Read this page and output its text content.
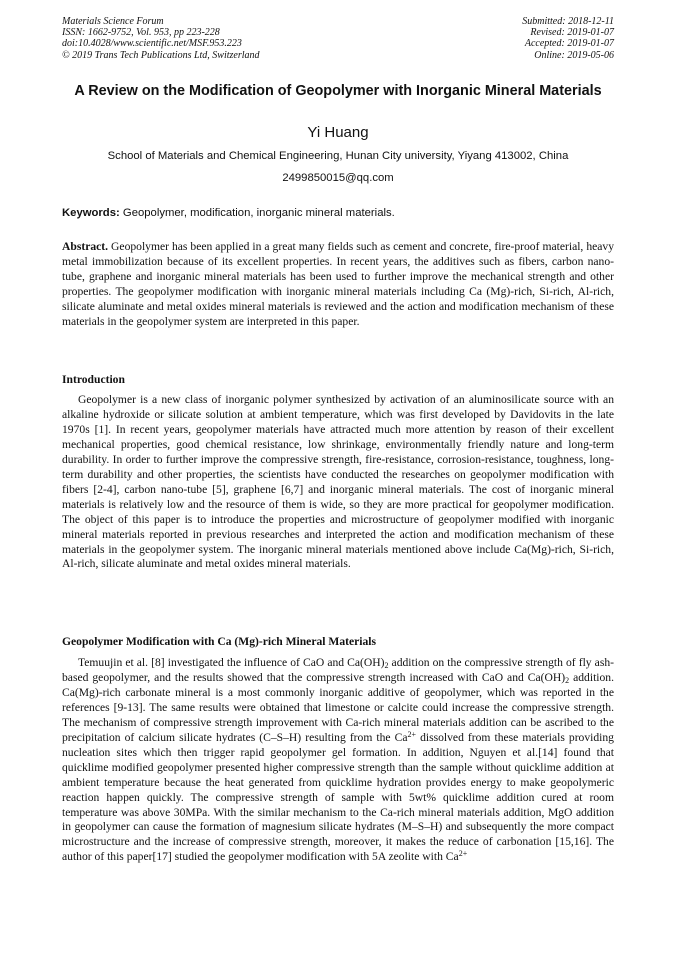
Materials Science Forum
ISSN: 1662-9752, Vol. 953, pp 223-228
doi:10.4028/www.scientific.net/MSF.953.223
© 2019 Trans Tech Publications Ltd, Switzerland
Submitted: 2018-12-11
Revised: 2019-01-07
Accepted: 2019-01-07
Online: 2019-05-06
A Review on the Modification of Geopolymer with Inorganic Mineral Materials
Yi Huang
School of Materials and Chemical Engineering, Hunan City university, Yiyang 413002, China
2499850015@qq.com
Keywords: Geopolymer, modification, inorganic mineral materials.

Abstract. Geopolymer has been applied in a great many fields such as cement and concrete, fire-proof material, heavy metal immobilization because of its excellent properties. In recent years, the additives such as fibers, carbon nano-tube, graphene and inorganic mineral materials has been used to further improve the mechanical strength and other properties. The geopolymer modification with inorganic mineral materials including Ca (Mg)-rich, Si-rich, Al-rich, silicate aluminate and metal oxides mineral materials is reviewed and the action and modification mechanism of these materials in the geopolymer system are interpreted in this paper.

Introduction

Geopolymer is a new class of inorganic polymer synthesized by activation of an aluminosilicate source with an alkaline hydroxide or silicate solution at ambient temperature, which was first developed by Davidovits in the late 1970s [1]. In recent years, geopolymer materials have attracted much more attention by reason of their excellent mechanical properties, good chemical resistance, low shrinkage, environmentally friendly nature and long-term durability. In order to further improve the compressive strength, fire-resistance, corrosion-resistance, toughness, long-term durability and other properties, the scientists have conducted the researches on geopolymer modification with fibers [2-4], carbon nano-tube [5], graphene [6,7] and inorganic mineral materials. The cost of inorganic mineral materials is relatively low and the resource of them is wide, so they are more practical for geopolymer modification. The object of this paper is to introduce the properties and microstructure of geopolymer modified with inorganic mineral materials reported in previous researches and interpreted the action and modification mechanism of these materials in the geopolymer system. The inorganic mineral materials mentioned above include Ca(Mg)-rich, Si-rich, Al-rich, silicate aluminate and metal oxides mineral materials.

Geopolymer Modification with Ca (Mg)-rich Mineral Materials

Temuujin et al. [8] investigated the influence of CaO and $Ca(OH)_2$ addition on the compressive strength of fly ash-based geopolymer, and the results showed that the compressive strength increased with CaO and $Ca(OH)_2$ addition. Ca(Mg)-rich carbonate mineral is a most commonly inorganic additive of geopolymer, which was reported in the references [9-13]. The same results were obtained that limestone or calcite could increase the compressive strength. The mechanism of compressive strength improvement with Ca-rich mineral materials addition can be ascribed to the precipitation of calcium silicate hydrates (C–S–H) resulting from the $Ca^{2+}$ dissolved from these materials providing nucleation sites which then trigger rapid geopolymer gel formation. In addition, Nguyen et al.[14] found that quicklime modified geopolymer presented higher compressive strength than the sample without quicklime addition at ambient temperature because the heat generated from quicklime hydration provides energy to make geopolymeric reaction happen quickly. The compressive strength of sample with 5wt% quicklime addition cured at room temperature was above 30MPa. With the similar mechanism to the Ca-rich mineral materials addition, MgO addition in geopolymer can cause the formation of magnesium silicate hydrates (M–S–H) and subsequently the more compact microstructure and the increase of compressive strength, moreover, it makes the reduce of carbonation [15,16]. The author of this paper[17] studied the geopolymer modification with 5A zeolite with $Ca^{2+}$
